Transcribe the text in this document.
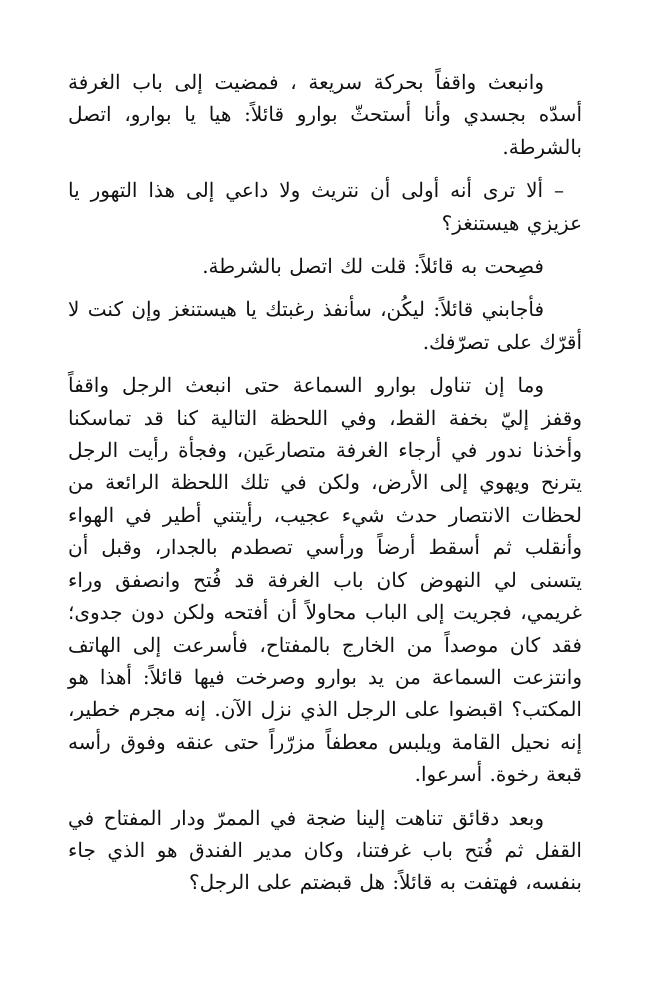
وانبعث واقفاً بحركة سريعة ، فمضيت إلى باب الغرفة أسدّه بجسدي وأنا أستحثّ بوارو قائلاً: هيا يا بوارو، اتصل بالشرطة.

– ألا ترى أنه أولى أن نتريث ولا داعي إلى هذا التهور يا عزيزي هيستنغز؟

فصِحت به قائلاً: قلت لك اتصل بالشرطة.

فأجابني قائلاً: ليكُن، سأنفذ رغبتك يا هيستنغز وإن كنت لا أقرّك على تصرّفك.

وما إن تناول بوارو السماعة حتى انبعث الرجل واقفاً وقفز إليّ بخفة القط، وفي اللحظة التالية كنا قد تماسكنا وأخذنا ندور في أرجاء الغرفة متصارعَين، وفجأة رأيت الرجل يترنح ويهوي إلى الأرض، ولكن في تلك اللحظة الرائعة من لحظات الانتصار حدث شيء عجيب، رأيتني أطير في الهواء وأنقلب ثم أسقط أرضاً ورأسي تصطدم بالجدار، وقبل أن يتسنى لي النهوض كان باب الغرفة قد فُتح وانصفق وراء غريمي، فجريت إلى الباب محاولاً أن أفتحه ولكن دون جدوى؛ فقد كان موصداً من الخارج بالمفتاح، فأسرعت إلى الهاتف وانتزعت السماعة من يد بوارو وصرخت فيها قائلاً: أهذا هو المكتب؟ اقبضوا على الرجل الذي نزل الآن. إنه مجرم خطير، إنه نحيل القامة ويلبس معطفاً مزرّراً حتى عنقه وفوق رأسه قبعة رخوة. أسرعوا.

وبعد دقائق تناهت إلينا ضجة في الممرّ ودار المفتاح في القفل ثم فُتح باب غرفتنا، وكان مدير الفندق هو الذي جاء بنفسه، فهتفت به قائلاً: هل قبضتم على الرجل؟
